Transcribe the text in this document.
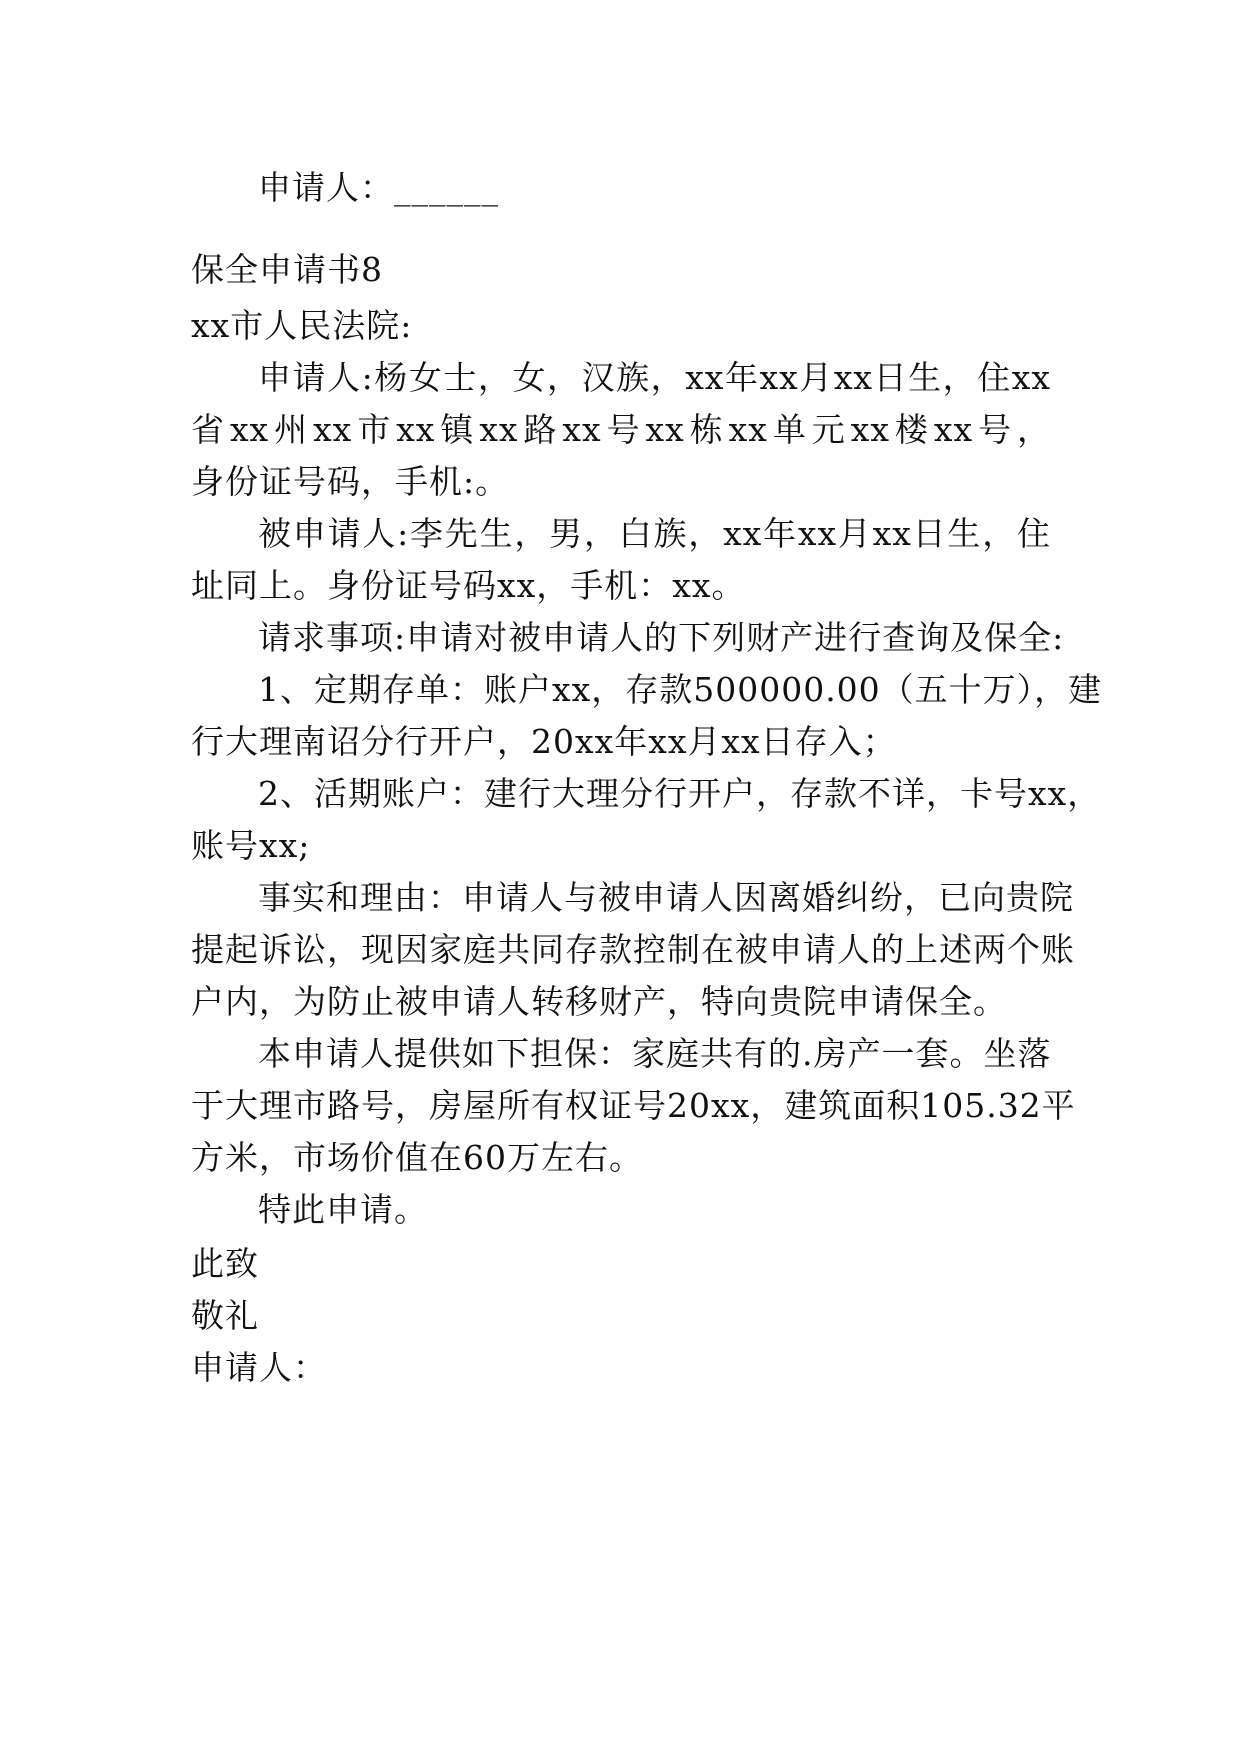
申请人：______
保全申请书8
xx市人民法院:
申请人:杨女士，女，汉族，xx年xx月xx日生，住xx
省xx州xx市xx镇xx路xx号xx栋xx单元xx楼xx号，
身份证号码，手机:。
被申请人:李先生，男，白族，xx年xx月xx日生，住
址同上。身份证号码xx，手机：xx。
请求事项:申请对被申请人的下列财产进行查询及保全:
1、定期存单：账户xx，存款500000.00（五十万），建
行大理南诏分行开户，20xx年xx月xx日存入；
2、活期账户：建行大理分行开户，存款不详，卡号xx，
账号xx;
事实和理由：申请人与被申请人因离婚纠纷，已向贵院
提起诉讼，现因家庭共同存款控制在被申请人的上述两个账
户内，为防止被申请人转移财产，特向贵院申请保全。
本申请人提供如下担保：家庭共有的.房产一套。坐落
于大理市路号，房屋所有权证号20xx，建筑面积105.32平
方米，市场价值在60万左右。
特此申请。
此致
敬礼
申请人：
